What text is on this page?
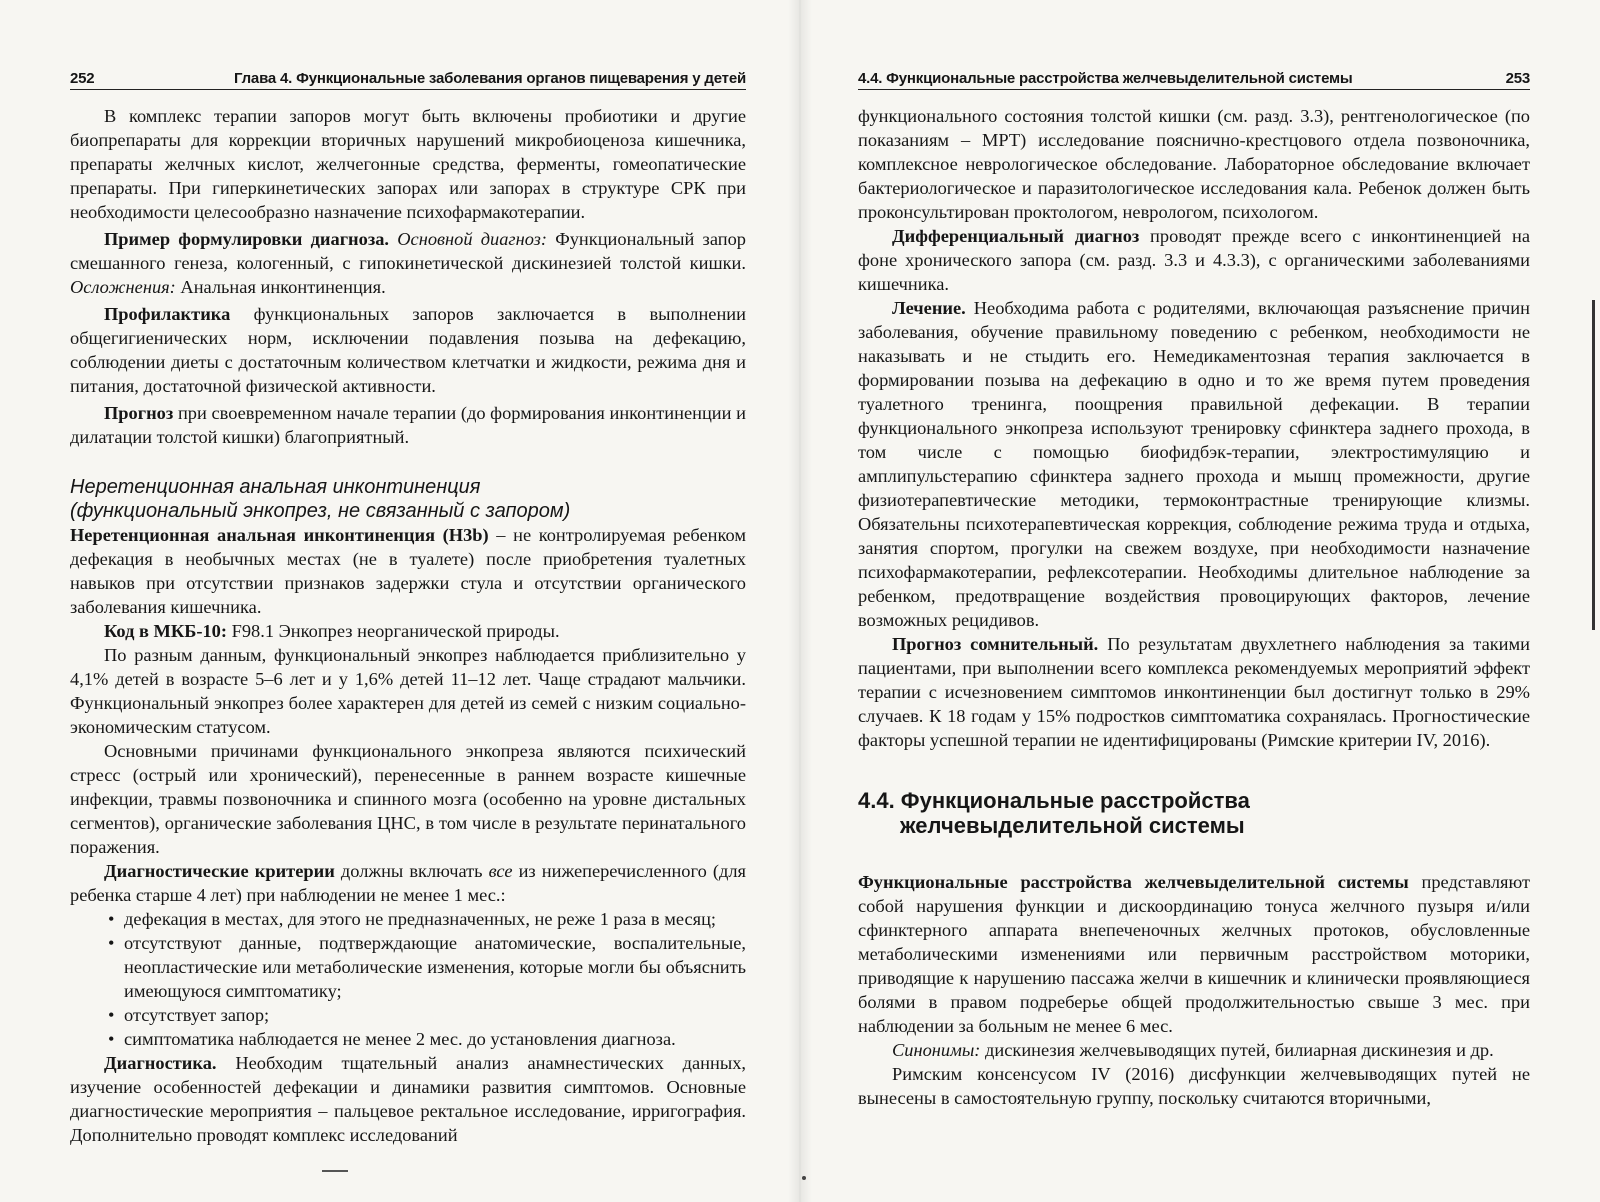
252	Глава 4. Функциональные заболевания органов пищеварения у детей

В комплекс терапии запоров могут быть включены пробиотики и другие биопрепараты для коррекции вторичных нарушений микробиоценоза кишечника, препараты желчных кислот, желчегонные средства, ферменты, гомеопатические препараты. При гиперкинетических запорах или запорах в структуре СРК при необходимости целесообразно назначение психофармакотерапии.

Пример формулировки диагноза. Основной диагноз: Функциональный запор смешанного генеза, кологенный, с гипокинетической дискинезией толстой кишки. Осложнения: Анальная инконтиненция.

Профилактика функциональных запоров заключается в выполнении общегигиенических норм, исключении подавления позыва на дефекацию, соблюдении диеты с достаточным количеством клетчатки и жидкости, режима дня и питания, достаточной физической активности.

Прогноз при своевременном начале терапии (до формирования инконтиненции и дилатации толстой кишки) благоприятный.

Неретенционная анальная инконтиненция
(функциональный энкопрез, не связанный с запором)

Неретенционная анальная инконтиненция (H3b) – не контролируемая ребенком дефекация в необычных местах (не в туалете) после приобретения туалетных навыков при отсутствии признаков задержки стула и отсутствии органического заболевания кишечника.

Код в МКБ-10: F98.1 Энкопрез неорганической природы.

По разным данным, функциональный энкопрез наблюдается приблизительно у 4,1% детей в возрасте 5–6 лет и у 1,6% детей 11–12 лет. Чаще страдают мальчики. Функциональный энкопрез более характерен для детей из семей с низким социально-экономическим статусом.

Основными причинами функционального энкопреза являются психический стресс (острый или хронический), перенесенные в раннем возрасте кишечные инфекции, травмы позвоночника и спинного мозга (особенно на уровне дистальных сегментов), органические заболевания ЦНС, в том числе в результате перинатального поражения.

Диагностические критерии должны включать все из нижеперечисленного (для ребенка старше 4 лет) при наблюдении не менее 1 мес.:

• дефекация в местах, для этого не предназначенных, не реже 1 раза в месяц;
• отсутствуют данные, подтверждающие анатомические, воспалительные, неопластические или метаболические изменения, которые могли бы объяснить имеющуюся симптоматику;
• отсутствует запор;
• симптоматика наблюдается не менее 2 мес. до установления диагноза.

Диагностика. Необходим тщательный анализ анамнестических данных, изучение особенностей дефекации и динамики развития симптомов. Основные диагностические мероприятия – пальцевое ректальное исследование, ирригография. Дополнительно проводят комплекс исследований

4.4. Функциональные расстройства желчевыделительной системы	253

функционального состояния толстой кишки (см. разд. 3.3), рентгенологическое (по показаниям – МРТ) исследование пояснично-крестцового отдела позвоночника, комплексное неврологическое обследование. Лабораторное обследование включает бактериологическое и паразитологическое исследования кала. Ребенок должен быть проконсультирован проктологом, неврологом, психологом.

Дифференциальный диагноз проводят прежде всего с инконтиненцией на фоне хронического запора (см. разд. 3.3 и 4.3.3), с органическими заболеваниями кишечника.

Лечение. Необходима работа с родителями, включающая разъяснение причин заболевания, обучение правильному поведению с ребенком, необходимости не наказывать и не стыдить его. Немедикаментозная терапия заключается в формировании позыва на дефекацию в одно и то же время путем проведения туалетного тренинга, поощрения правильной дефекации. В терапии функционального энкопреза используют тренировку сфинктера заднего прохода, в том числе с помощью биофидбэк-терапии, электростимуляцию и амплипульстерапию сфинктера заднего прохода и мышц промежности, другие физиотерапевтические методики, термоконтрастные тренирующие клизмы. Обязательны психотерапевтическая коррекция, соблюдение режима труда и отдыха, занятия спортом, прогулки на свежем воздухе, при необходимости назначение психофармакотерапии, рефлексотерапии. Необходимы длительное наблюдение за ребенком, предотвращение воздействия провоцирующих факторов, лечение возможных рецидивов.

Прогноз сомнительный. По результатам двухлетнего наблюдения за такими пациентами, при выполнении всего комплекса рекомендуемых мероприятий эффект терапии с исчезновением симптомов инконтиненции был достигнут только в 29% случаев. К 18 годам у 15% подростков симптоматика сохранялась. Прогностические факторы успешной терапии не идентифицированы (Римские критерии IV, 2016).

4.4. Функциональные расстройства
желчевыделительной системы

Функциональные расстройства желчевыделительной системы представляют собой нарушения функции и дискоординацию тонуса желчного пузыря и/или сфинктерного аппарата внепеченочных желчных протоков, обусловленные метаболическими изменениями или первичным расстройством моторики, приводящие к нарушению пассажа желчи в кишечник и клинически проявляющиеся болями в правом подреберье общей продолжительностью свыше 3 мес. при наблюдении за больным не менее 6 мес.

Синонимы: дискинезия желчевыводящих путей, билиарная дискинезия и др.

Римским консенсусом IV (2016) дисфункции желчевыводящих путей не вынесены в самостоятельную группу, поскольку считаются вторичными,
